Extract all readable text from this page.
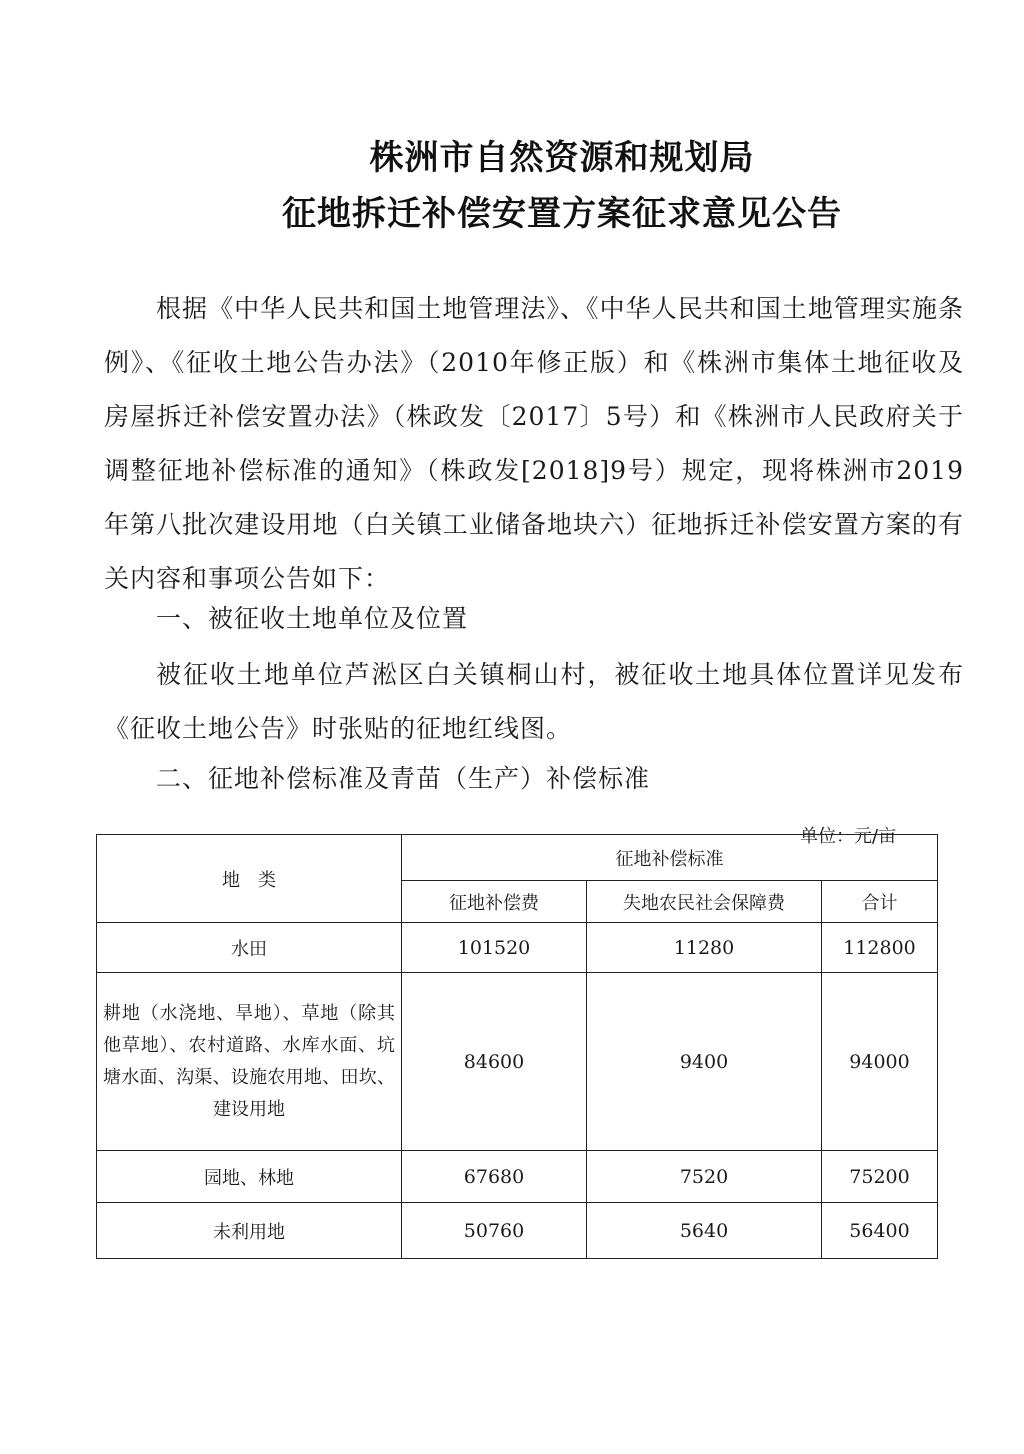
株洲市自然资源和规划局
征地拆迁补偿安置方案征求意见公告

根据《中华人民共和国土地管理法》、《中华人民共和国土地管理实施条例》、《征收土地公告办法》（2010年修正版）和《株洲市集体土地征收及房屋拆迁补偿安置办法》（株政发〔2017〕5号）和《株洲市人民政府关于调整征地补偿标准的通知》（株政发[2018]9号）规定，现将株洲市2019年第八批次建设用地（白关镇工业储备地块六）征地拆迁补偿安置方案的有关内容和事项公告如下：

一、被征收土地单位及位置

被征收土地单位芦淞区白关镇桐山村，被征收土地具体位置详见发布《征收土地公告》时张贴的征地红线图。

二、征地补偿标准及青苗（生产）补偿标准
单位：元/亩
地　类	征地补偿标准		
	征地补偿费	失地农民社会保障费	合计
水田	101520	11280	112800
耕地（水浇地、旱地）、草地（除其他草地）、农村道路、水库水面、坑塘水面、沟渠、设施农用地、田坎、建设用地	84600	9400	94000
园地、林地	67680	7520	75200
未利用地	50760	5640	56400
